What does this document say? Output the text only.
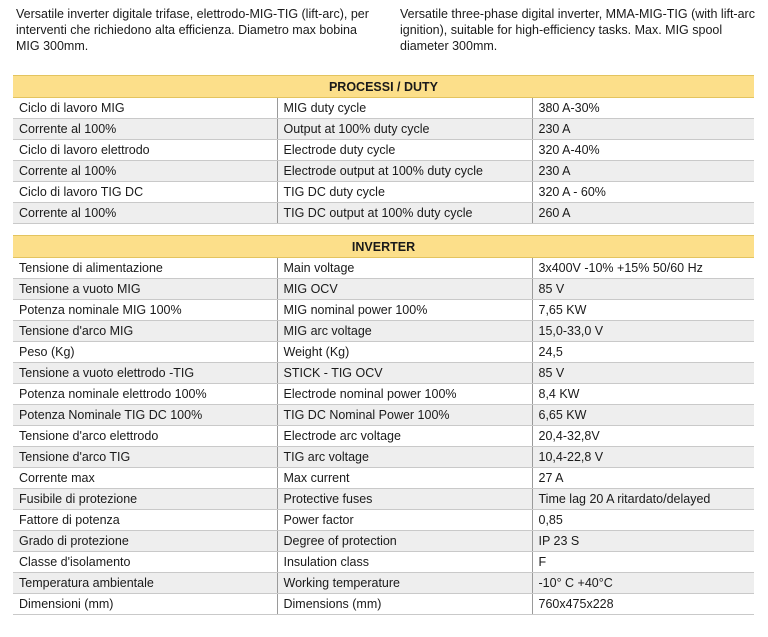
Versatile inverter digitale trifase, elettrodo-MIG-TIG (lift-arc), per interventi che richiedono alta efficienza. Diametro max bobina MIG 300mm.
Versatile three-phase digital inverter, MMA-MIG-TIG (with lift-arc ignition), suitable for high-efficiency tasks. Max. MIG spool diameter 300mm.
PROCESSI / DUTY
Ciclo di lavoro MIG	MIG duty cycle	380 A-30%
Corrente al 100%	Output at 100% duty cycle	230 A
Ciclo di lavoro elettrodo	Electrode duty cycle	320 A-40%
Corrente al 100%	Electrode output at 100% duty cycle	230 A
Ciclo di lavoro TIG DC	TIG DC duty cycle	320 A - 60%
Corrente al 100%	TIG DC output at 100% duty cycle	260 A
INVERTER
Tensione di alimentazione	Main voltage	3x400V -10% +15% 50/60 Hz
Tensione a vuoto MIG	MIG OCV	85 V
Potenza nominale MIG 100%	MIG nominal power 100%	7,65 KW
Tensione d'arco MIG	MIG arc voltage	15,0-33,0 V
Peso (Kg)	Weight (Kg)	24,5
Tensione a vuoto elettrodo -TIG	STICK - TIG OCV	85 V
Potenza nominale elettrodo 100%	Electrode nominal power 100%	8,4 KW
Potenza Nominale TIG DC 100%	TIG DC Nominal Power 100%	6,65 KW
Tensione d'arco elettrodo	Electrode arc voltage	20,4-32,8V
Tensione d'arco TIG	TIG arc voltage	10,4-22,8 V
Corrente max	Max current	27 A
Fusibile di protezione	Protective fuses	Time lag 20 A ritardato/delayed
Fattore di potenza	Power factor	0,85
Grado di protezione	Degree of protection	IP 23 S
Classe d'isolamento	Insulation class	F
Temperatura ambientale	Working temperature	-10° C +40°C
Dimensioni (mm)	Dimensions (mm)	760x475x228
